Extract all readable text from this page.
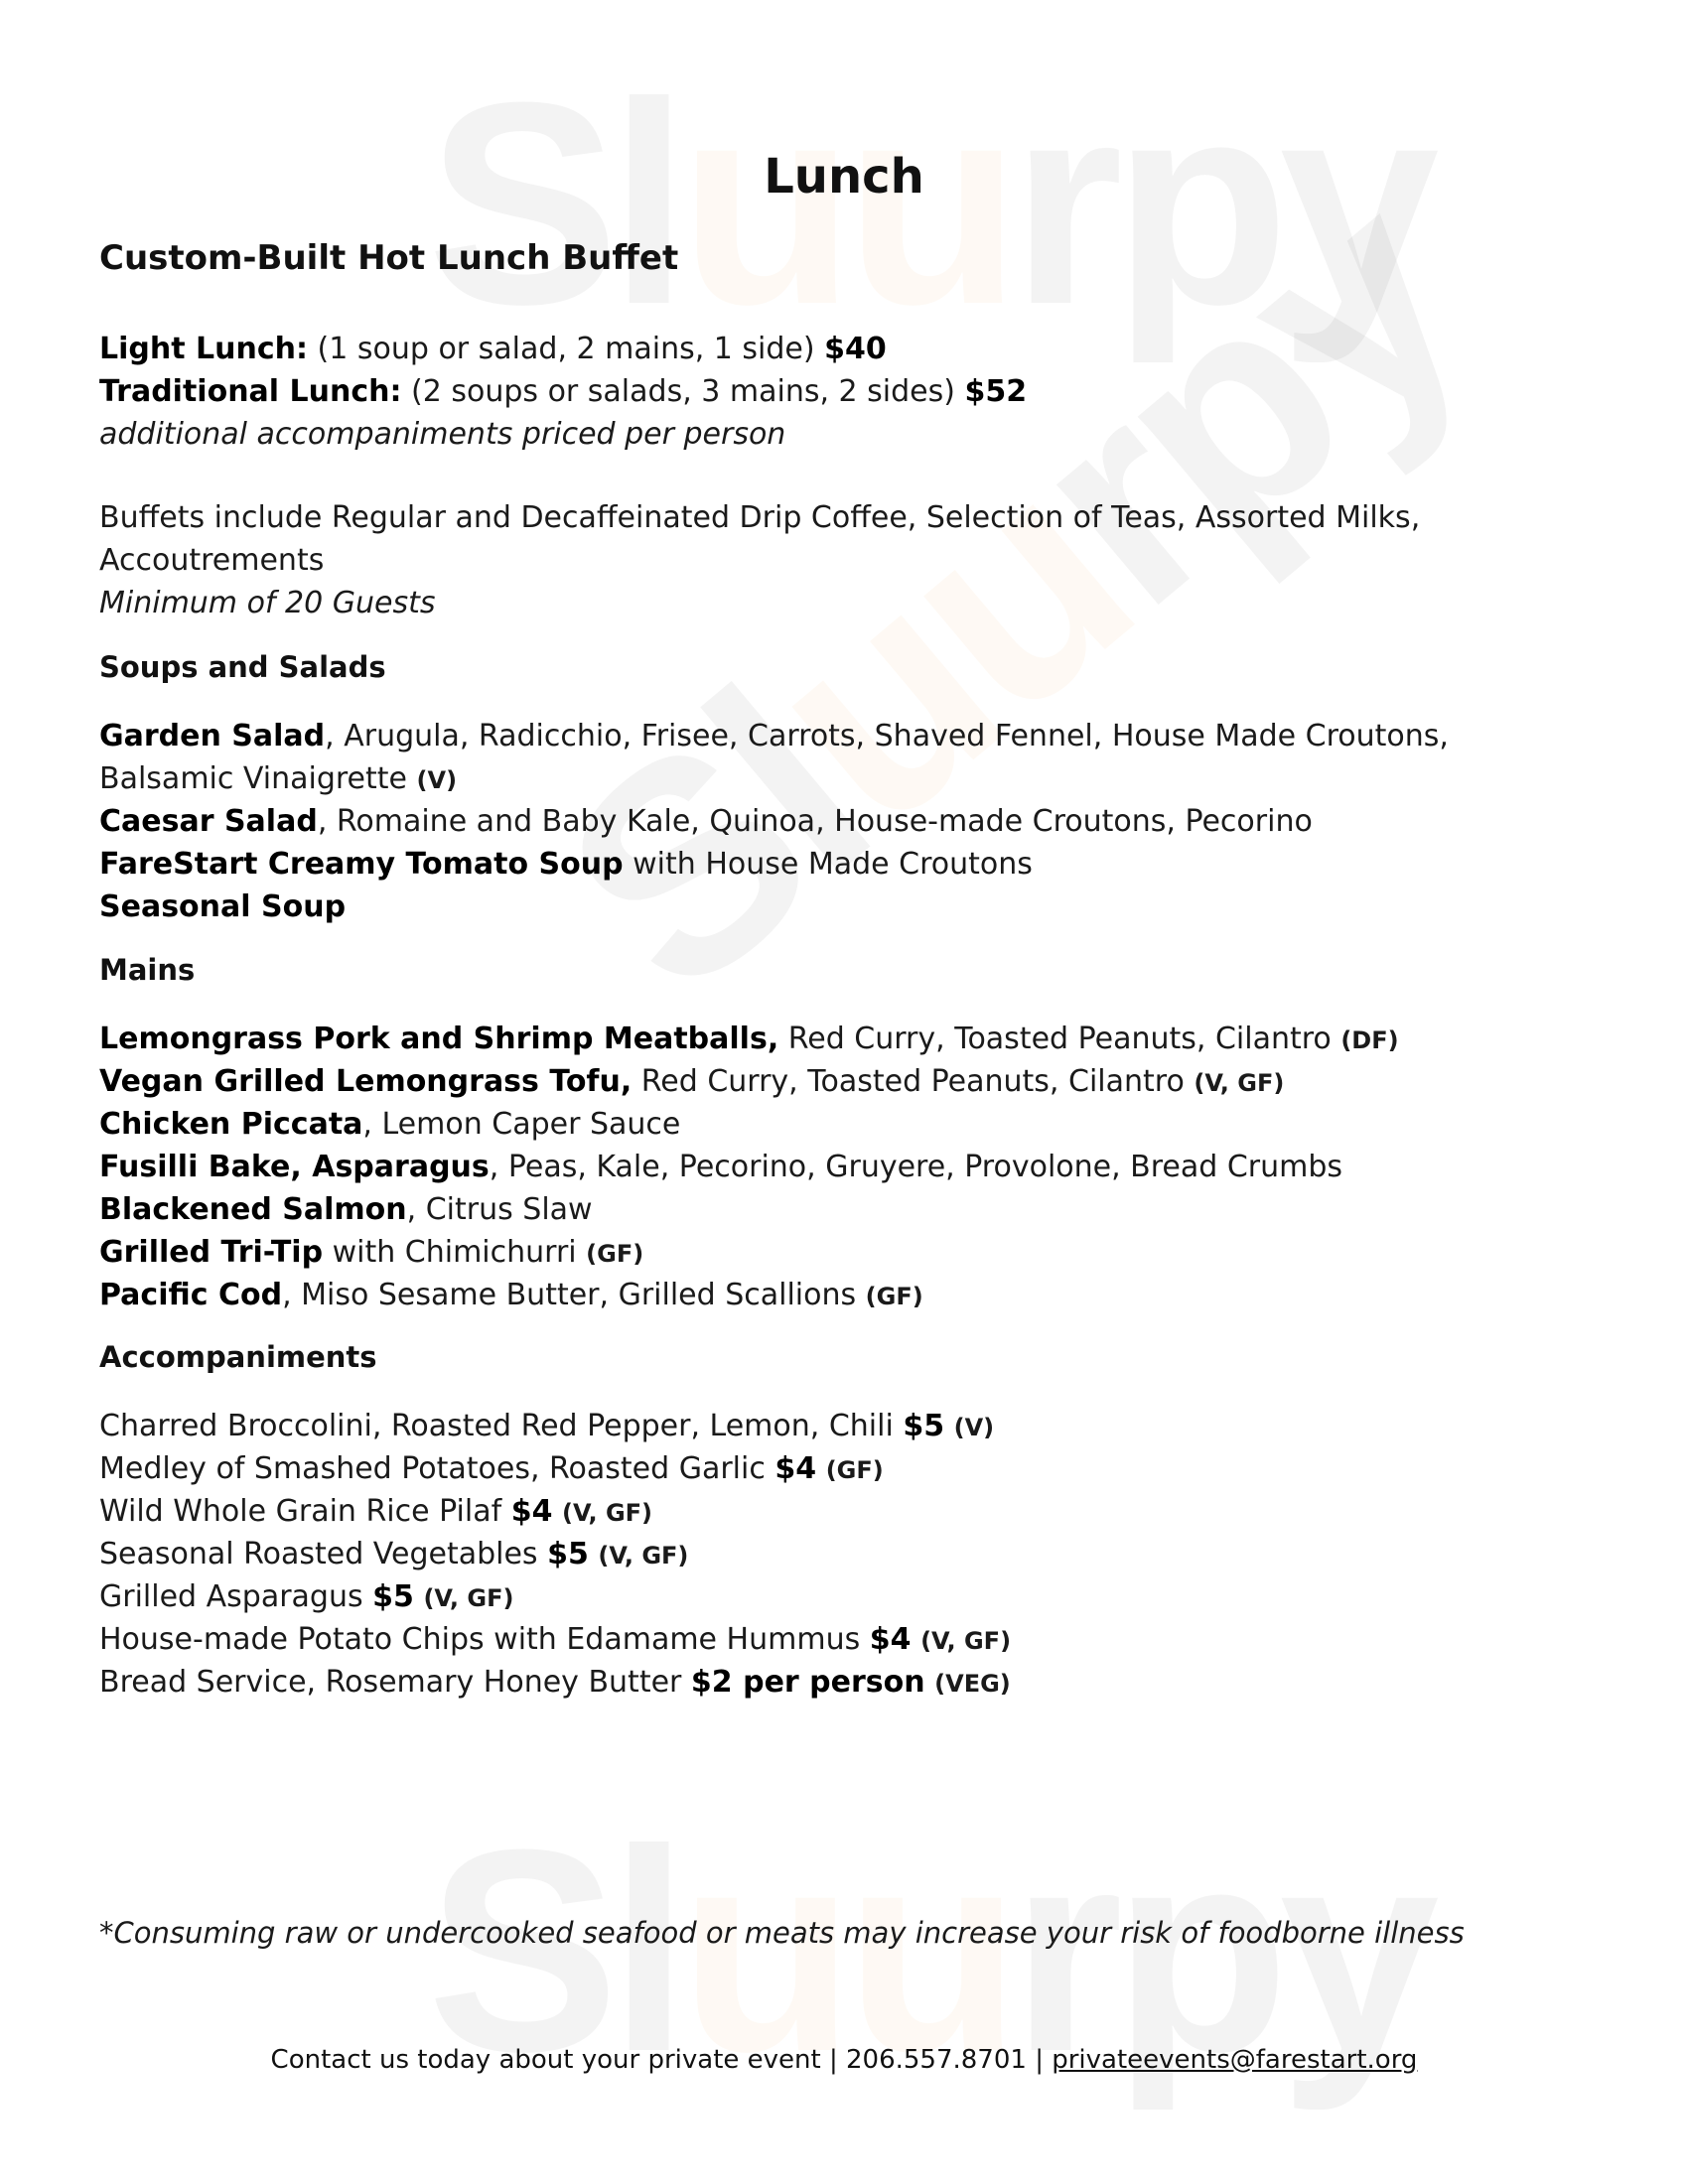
Lunch
Custom-Built Hot Lunch Buffet
Light Lunch: (1 soup or salad, 2 mains, 1 side) $40
Traditional Lunch: (2 soups or salads, 3 mains, 2 sides) $52
additional accompaniments priced per person
Buffets include Regular and Decaffeinated Drip Coffee, Selection of Teas, Assorted Milks, Accoutrements
Minimum of 20 Guests
Soups and Salads
Garden Salad, Arugula, Radicchio, Frisee, Carrots, Shaved Fennel, House Made Croutons, Balsamic Vinaigrette (V)
Caesar Salad, Romaine and Baby Kale, Quinoa, House-made Croutons, Pecorino
FareStart Creamy Tomato Soup with House Made Croutons
Seasonal Soup
Mains
Lemongrass Pork and Shrimp Meatballs, Red Curry, Toasted Peanuts, Cilantro (DF)
Vegan Grilled Lemongrass Tofu, Red Curry, Toasted Peanuts, Cilantro (V, GF)
Chicken Piccata, Lemon Caper Sauce
Fusilli Bake, Asparagus, Peas, Kale, Pecorino, Gruyere, Provolone, Bread Crumbs
Blackened Salmon, Citrus Slaw
Grilled Tri-Tip with Chimichurri (GF)
Pacific Cod, Miso Sesame Butter, Grilled Scallions (GF)
Accompaniments
Charred Broccolini, Roasted Red Pepper, Lemon, Chili $5 (V)
Medley of Smashed Potatoes, Roasted Garlic $4 (GF)
Wild Whole Grain Rice Pilaf $4 (V, GF)
Seasonal Roasted Vegetables $5 (V, GF)
Grilled Asparagus $5 (V, GF)
House-made Potato Chips with Edamame Hummus $4 (V, GF)
Bread Service, Rosemary Honey Butter $2 per person (VEG)
*Consuming raw or undercooked seafood or meats may increase your risk of foodborne illness
Contact us today about your private event | 206.557.8701 | privateevents@farestart.org
